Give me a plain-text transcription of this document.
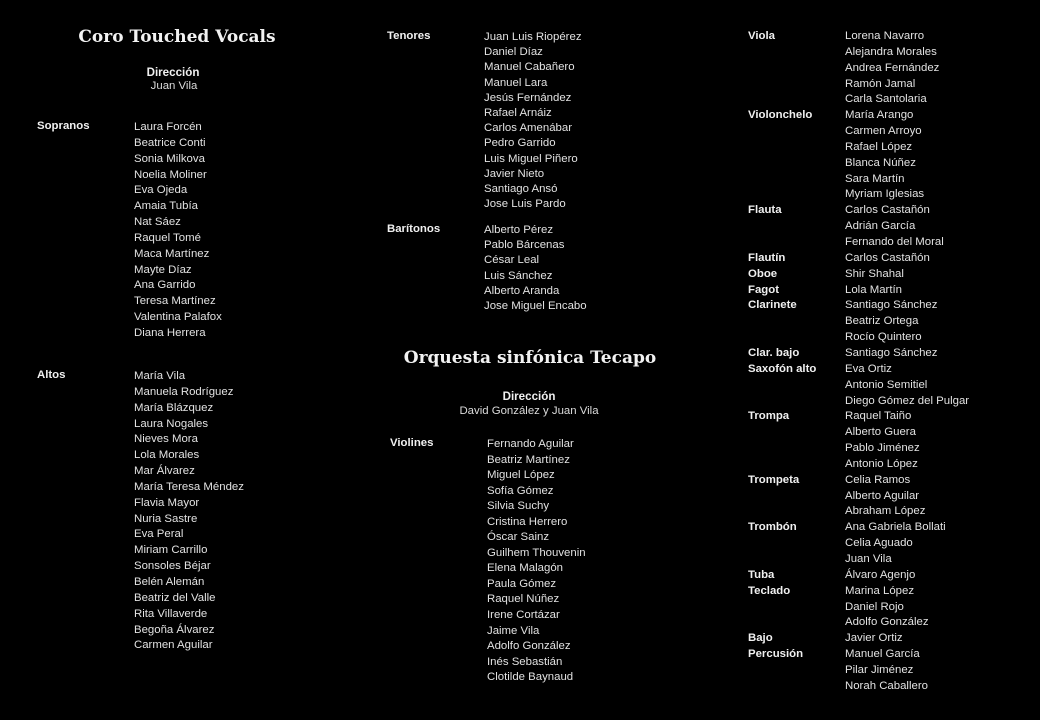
Coro Touched Vocals
Dirección
Juan Vila
Sopranos	Laura Forcén
Beatrice Conti
Sonia Milkova
Noelia Moliner
Eva Ojeda
Amaia Tubía
Nat Sáez
Raquel Tomé
Maca Martínez
Mayte Díaz
Ana Garrido
Teresa Martínez
Valentina Palafox
Diana Herrera
Altos	María Vila
Manuela Rodríguez
María Blázquez
Laura Nogales
Nieves Mora
Lola Morales
Mar Álvarez
María Teresa Méndez
Flavia Mayor
Nuria Sastre
Eva Peral
Miriam Carrillo
Sonsoles Béjar
Belén Alemán
Beatriz del Valle
Rita Villaverde
Begoña Álvarez
Carmen Aguilar
Tenores	Juan Luis Riopérez
Daniel Díaz
Manuel Cabañero
Manuel Lara
Jesús Fernández
Rafael Arnáiz
Carlos Amenábar
Pedro Garrido
Luis Miguel Piñero
Javier Nieto
Santiago Ansó
Jose Luis Pardo
Barítonos	Alberto Pérez
Pablo Bárcenas
César Leal
Luis Sánchez
Alberto Aranda
Jose Miguel Encabo
Orquesta sinfónica Tecapo
Dirección
David González y Juan Vila
Violines	Fernando Aguilar
Beatriz Martínez
Miguel López
Sofía Gómez
Silvia Suchy
Cristina Herrero
Óscar Sainz
Guilhem Thouvenin
Elena Malagón
Paula Gómez
Raquel Núñez
Irene Cortázar
Jaime Vila
Adolfo González
Inés Sebastián
Clotilde Baynaud
Viola	Lorena Navarro
Alejandra Morales
Andrea Fernández
Ramón Jamal
Carla Santolaria
Violonchelo	María Arango
Carmen Arroyo
Rafael López
Blanca Núñez
Sara Martín
Myriam Iglesias
Flauta	Carlos Castañón
Adrián García
Fernando del Moral
Flautín	Carlos Castañón
Oboe	Shir Shahal
Fagot	Lola Martín
Clarinete	Santiago Sánchez
Beatriz Ortega
Rocío Quintero
Clar. bajo	Santiago Sánchez
Saxofón alto	Eva Ortiz
Antonio Semitiel
Diego Gómez del Pulgar
Trompa	Raquel Taiño
Alberto Guera
Pablo Jiménez
Antonio López
Trompeta	Celia Ramos
Alberto Aguilar
Abraham López
Trombón	Ana Gabriela Bollati
Celia Aguado
Juan Vila
Tuba	Álvaro Agenjo
Teclado	Marina López
Daniel Rojo
Adolfo González
Bajo	Javier Ortiz
Percusión	Manuel García
Pilar Jiménez
Norah Caballero
